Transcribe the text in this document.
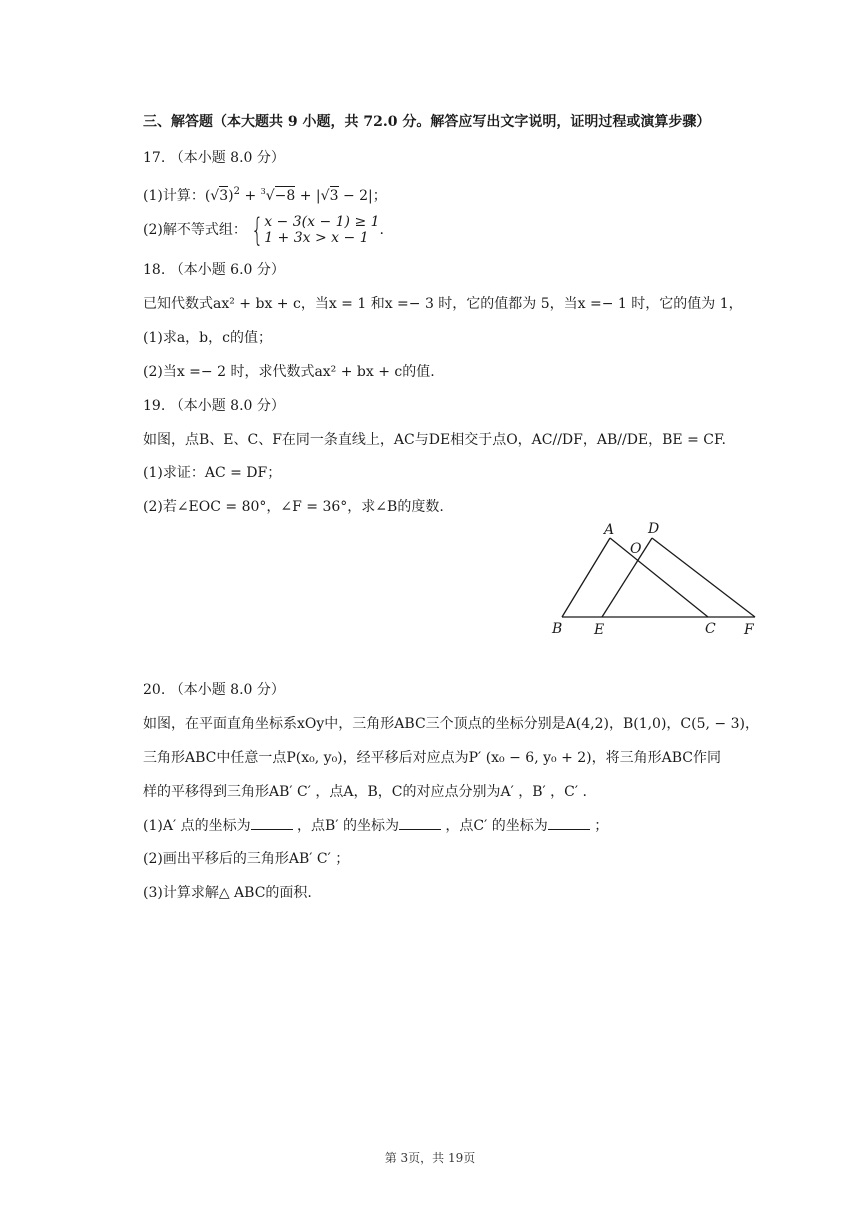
三、解答题（本大题共 9 小题，共 72.0 分。解答应写出文字说明，证明过程或演算步骤）
17. （本小题 8.0 分）
(1)计算：$(√3)^2 + ^3√-8 + |√3 - 2|$；
(2)解不等式组： {x − 3(x − 1) ≥ 1
1 + 3x > x − 1 .
18. （本小题 6.0 分）
已知代数式ax² + bx + c，当x = 1 和x =− 3 时，它的值都为 5，当x =− 1 时，它的值为 1，
(1)求a，b，c的值；
(2)当x =− 2 时，求代数式ax² + bx + c的值.
19. （本小题 8.0 分）
如图，点B、E、C、F在同一条直线上，AC与DE相交于点O，AC//DF，AB//DE，BE = CF.
(1)求证：AC = DF；
(2)若∠EOC = 80°，∠F = 36°，求∠B的度数.
A D
O
B E	C F
20. （本小题 8.0 分）
如图，在平面直角坐标系xOy中，三角形ABC三个顶点的坐标分别是A(4,2)，B(1,0)，C(5, − 3)，
三角形ABC中任意一点P(x₀, y₀)，经平移后对应点为P′ (x₀ − 6, y₀ + 2)，将三角形ABC作同
样的平移得到三角形AB′ C′ ，点A，B，C的对应点分别为A′ ，B′ ，C′ .
(1)A′ 点的坐标为	，点B′ 的坐标为	，点C′ 的坐标为	；
(2)画出平移后的三角形AB′ C′ ；
(3)计算求解△ ABC的面积.
第 3页，共 19页
